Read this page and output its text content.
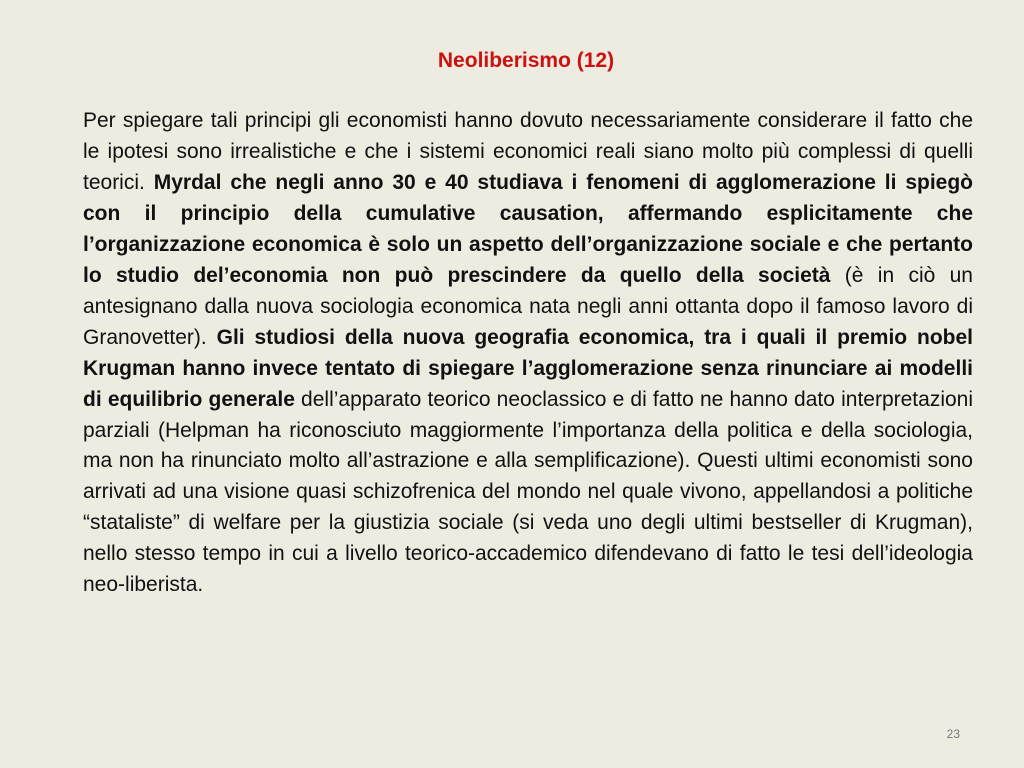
Neoliberismo (12)
Per spiegare tali principi gli economisti hanno dovuto necessariamente considerare il fatto che le ipotesi sono irrealistiche e che i sistemi economici reali siano molto più complessi di quelli teorici. Myrdal che negli anno 30 e 40 studiava i fenomeni di agglomerazione li spiegò con il principio della cumulative causation, affermando esplicitamente che l’organizzazione economica è solo un aspetto dell’organizzazione sociale e che pertanto lo studio del’economia non può prescindere da quello della società (è in ciò un antesignano dalla nuova sociologia economica nata negli anni ottanta dopo il famoso lavoro di Granovetter). Gli studiosi della nuova geografia economica, tra i quali il premio nobel Krugman hanno invece tentato di spiegare l’agglomerazione senza rinunciare ai modelli di equilibrio generale dell’apparato teorico neoclassico e di fatto ne hanno dato interpretazioni parziali (Helpman ha riconosciuto maggiormente l’importanza della politica e della sociologia, ma non ha rinunciato molto all’astrazione e alla semplificazione). Questi ultimi economisti sono arrivati ad una visione quasi schizofrenica del mondo nel quale vivono, appellandosi a politiche “stataliste” di welfare per la giustizia sociale (si veda uno degli ultimi bestseller di Krugman), nello stesso tempo in cui a livello teorico-accademico difendevano di fatto le tesi dell’ideologia neo-liberista.
23
